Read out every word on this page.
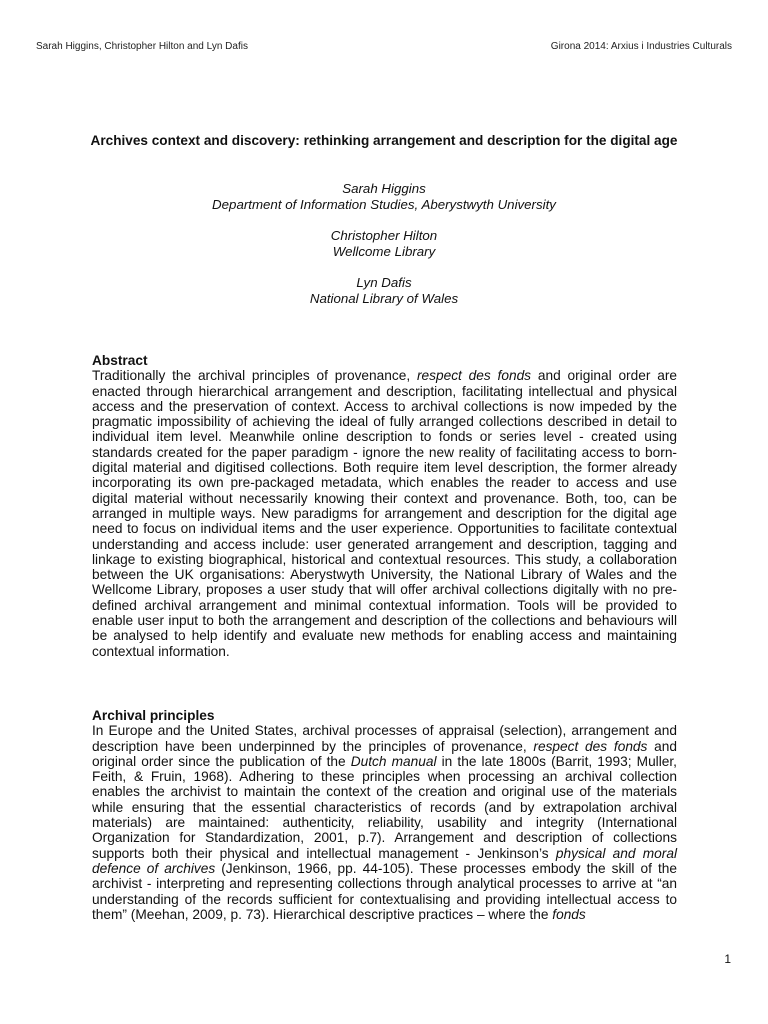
Sarah Higgins, Christopher Hilton and Lyn Dafis	Girona 2014: Arxius i Industries Culturals
Archives context and discovery: rethinking arrangement and description for the digital age
Sarah Higgins
Department of Information Studies, Aberystwyth University
Christopher Hilton
Wellcome Library
Lyn Dafis
National Library of Wales
Abstract

Traditionally the archival principles of provenance, respect des fonds and original order are enacted through hierarchical arrangement and description, facilitating intellectual and physical access and the preservation of context. Access to archival collections is now impeded by the pragmatic impossibility of achieving the ideal of fully arranged collections described in detail to individual item level. Meanwhile online description to fonds or series level - created using standards created for the paper paradigm - ignore the new reality of facilitating access to born-digital material and digitised collections. Both require item level description, the former already incorporating its own pre-packaged metadata, which enables the reader to access and use digital material without necessarily knowing their context and provenance. Both, too, can be arranged in multiple ways. New paradigms for arrangement and description for the digital age need to focus on individual items and the user experience. Opportunities to facilitate contextual understanding and access include: user generated arrangement and description, tagging and linkage to existing biographical, historical and contextual resources. This study, a collaboration between the UK organisations: Aberystwyth University, the National Library of Wales and the Wellcome Library, proposes a user study that will offer archival collections digitally with no pre-defined archival arrangement and minimal contextual information. Tools will be provided to enable user input to both the arrangement and description of the collections and behaviours will be analysed to help identify and evaluate new methods for enabling access and maintaining contextual information.

Archival principles

In Europe and the United States, archival processes of appraisal (selection), arrangement and description have been underpinned by the principles of provenance, respect des fonds and original order since the publication of the Dutch manual in the late 1800s (Barrit, 1993; Muller, Feith, & Fruin, 1968). Adhering to these principles when processing an archival collection enables the archivist to maintain the context of the creation and original use of the materials while ensuring that the essential characteristics of records (and by extrapolation archival materials) are maintained: authenticity, reliability, usability and integrity (International Organization for Standardization, 2001, p.7). Arrangement and description of collections supports both their physical and intellectual management - Jenkinson’s physical and moral defence of archives (Jenkinson, 1966, pp. 44-105). These processes embody the skill of the archivist - interpreting and representing collections through analytical processes to arrive at “an understanding of the records sufficient for contextualising and providing intellectual access to them” (Meehan, 2009, p. 73). Hierarchical descriptive practices – where the fonds

1
